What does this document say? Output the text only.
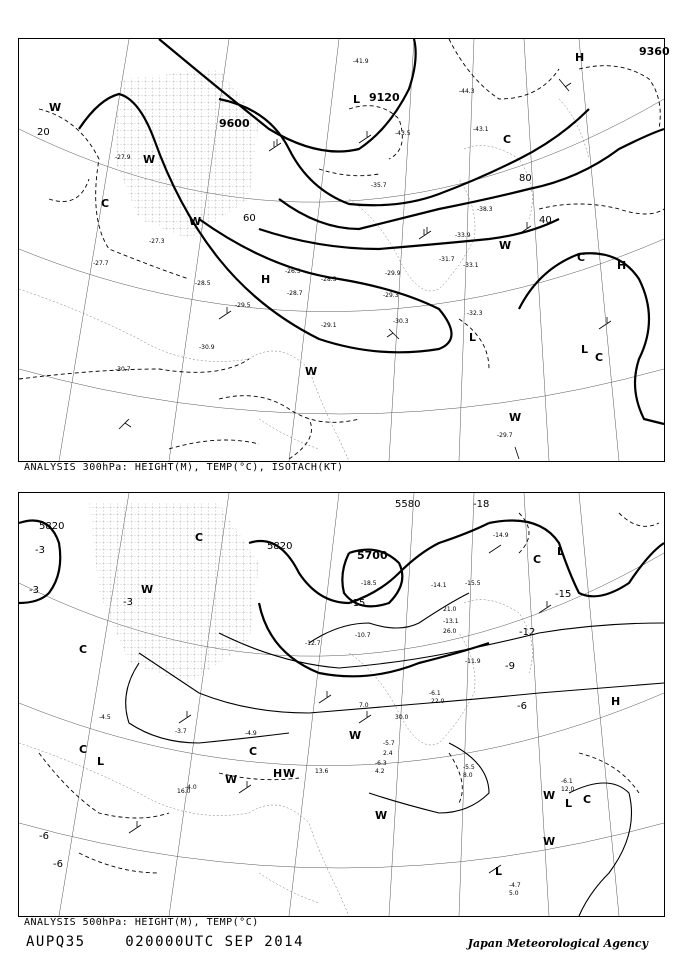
9360
9600
9120
20
40
60
80
W
W
C
W
H
L
W
L
C
H
W
C
L
W
C
H
-27.9
-27.3
-28.5
-29.5
-28.7
-30.9
-30.7
-29.3
-30.3
-32.3
-29.7
-35.7
-33.9
-38.3
-43.1
-44.3
-41.9
-43.5
-29.9
-31.7
-33.1
-27.7
-26.3
-28.3
-29.1
ANALYSIS 300hPa: HEIGHT(M), TEMP(°C), ISOTACH(KT)
5820
5820
5700
5580
-3
-3
-6
-6
-9
-12
-15
-15
-18
-3
-6
C
W
L
C
H W
C
W
W
L
C
H
L
W
W
L
C
C
W
-4.5
-3.7	-4.9
-4.0
-5.7
-6.3
-14.1	-15.5
-13.1
-11.9
-6.1
-5.5
-4.7
-6.1
12.0
13.6
21.0
26.0
22.0
30.0
5.0
16.0
7.0
8.0
2.4
4.2
-10.7
-18.5
-14.9
-12.7
ANALYSIS 500hPa: HEIGHT(M), TEMP(°C)
AUPQ35	020000UTC SEP 2014	Japan Meteorological Agency
